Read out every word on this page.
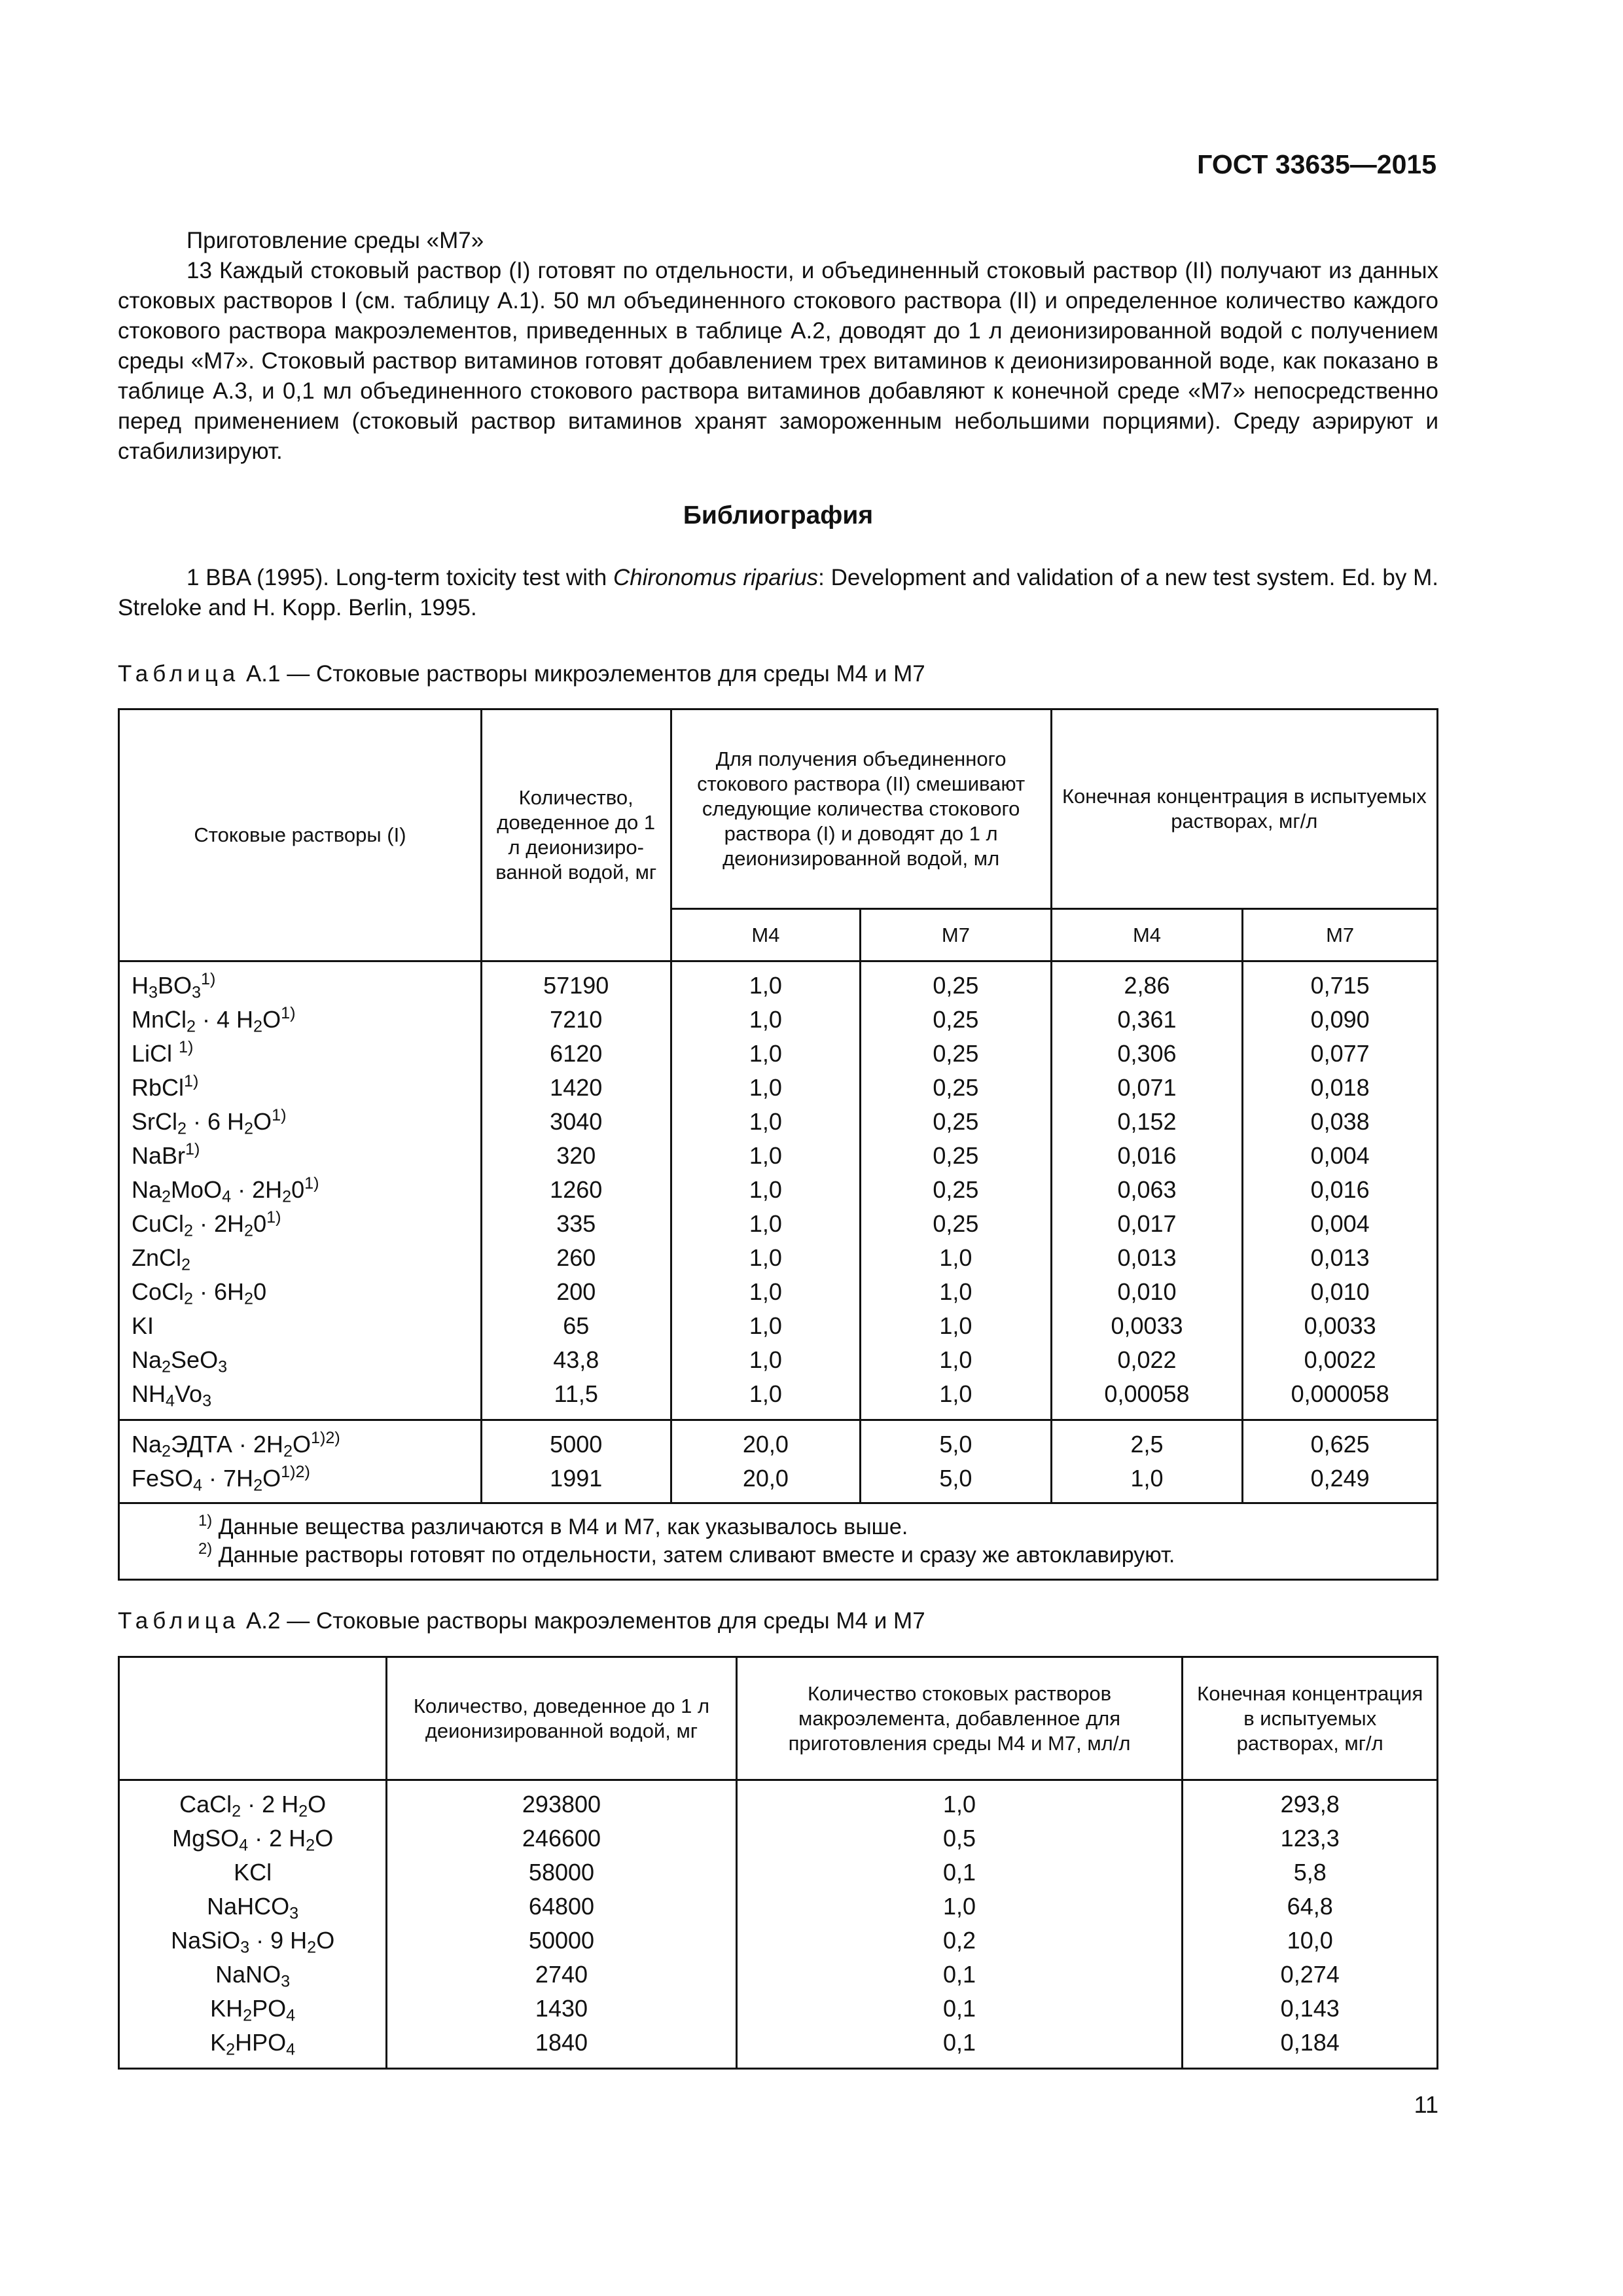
ГОСТ 33635—2015
Приготовление среды «М7»
13 Каждый стоковый раствор (I) готовят по отдельности, и объединенный стоковый раствор (II) получают из данных стоковых растворов I (см. таблицу А.1). 50 мл объединенного стокового раствора (II) и определенное количество каждого стокового раствора макроэлементов, приведенных в таблице А.2, доводят до 1 л деионизированной водой с получением среды «М7». Стоковый раствор витаминов готовят добавлением трех витаминов к деионизированной воде, как показано в таблице А.3, и 0,1 мл объединенного стокового раствора витаминов добавляют к конечной среде «М7» непосредственно перед применением (стоковый раствор витаминов хранят замороженным небольшими порциями). Среду аэрируют и стабилизируют.
Библиография
1 BBA (1995). Long-term toxicity test with Chironomus riparius: Development and validation of a new test system. Ed. by M. Streloke and H. Kopp. Berlin, 1995.
Таблица А.1 — Стоковые растворы микроэлементов для среды М4 и М7
Стоковые растворы (I)	Количество, доведенное до 1 л деионизиро-ванной водой, мг	Для получения объединенного стокового раствора (II) смешивают следующие количества стокового раствора (I) и доводят до 1 л деионизированной водой, мл		Конечная концентрация в испытуемых растворах, мг/л	
		М4	М7	М4	М7
$H_3BO_3^{1)}$	57190	1,0	0,25	2,86	0,715
MnCl$_2$ · 4 $H_2O^{1)}$	7210	1,0	0,25	0,361	0,090
LiCl $^{1)}$	6120	1,0	0,25	0,306	0,077
RbCl$^{1)}$	1420	1,0	0,25	0,071	0,018
SrCl$_2$ · 6 $H_2O^{1)}$	3040	1,0	0,25	0,152	0,038
NaBr$^{1)}$	320	1,0	0,25	0,016	0,004
$Na_2MoO_4 \cdot 2H_20^{1)}$	1260	1,0	0,25	0,063	0,016
CuCl$_2$ · $2H_20^{1)}$	335	1,0	0,25	0,017	0,004
ZnCl$_2$	260	1,0	1,0	0,013	0,013
CoCl$_2$ · $6H_20$	200	1,0	1,0	0,010	0,010
KI	65	1,0	1,0	0,0033	0,0033
$Na_2SeO_3$	43,8	1,0	1,0	0,022	0,0022
$NH_4Vo_3$	11,5	1,0	1,0	0,00058	0,000058
$Na_2ЭДТА \cdot 2H_2O^{1)2)}$	5000	20,0	5,0	2,5	0,625
FeSO$_4$ · $7H_2O^{1)2)}$	1991	20,0	5,0	1,0	0,249

$^{1)}$ Данные вещества различаются в М4 и М7, как указывалось выше.
$^{2)}$ Данные растворы готовят по отдельности, затем сливают вместе и сразу же автоклавируют.					
Таблица А.2 — Стоковые растворы макроэлементов для среды М4 и М7
	Количество, доведенное до 1 л деионизированной водой, мг	Количество стоковых растворов макроэлемента, добавленное для приготовления среды М4 и М7, мл/л	Конечная концентрация в испытуемых растворах, мг/л
CaCl$_2$ · 2 $H_2O$	293800	1,0	293,8
MgSO$_4$ · 2 $H_2O$	246600	0,5	123,3
KCl	58000	0,1	5,8
NaHCO$_3$	64800	1,0	64,8
NaSiO$_3$ · 9 $H_2O$	50000	0,2	10,0
NaNO$_3$	2740	0,1	0,274
$KH_2PO_4$	1430	0,1	0,143
$K_2HPO_4$	1840	0,1	0,184
11
